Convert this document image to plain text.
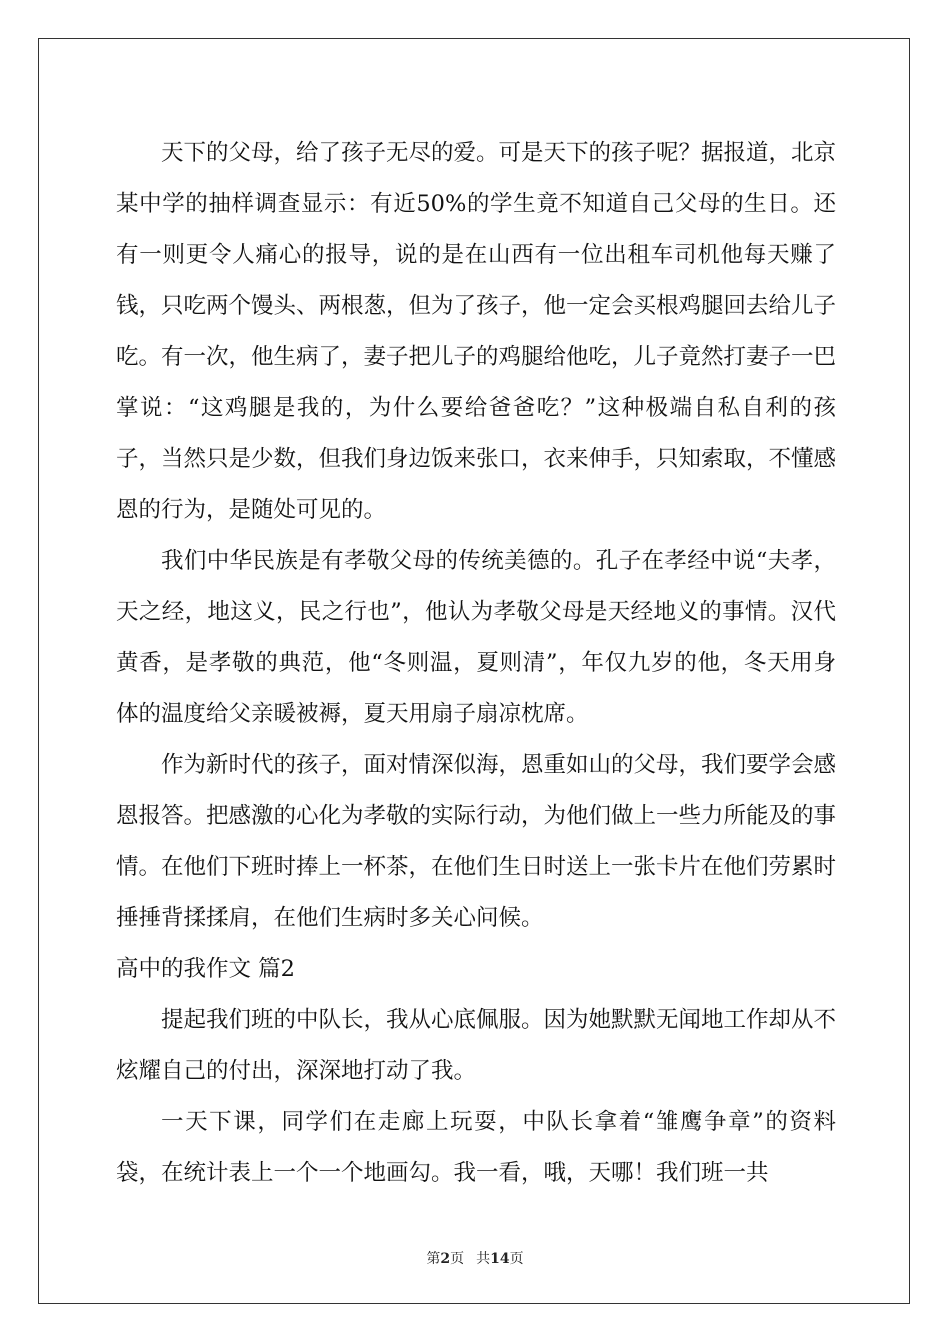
天下的父母，给了孩子无尽的爱。可是天下的孩子呢？据报道，北京某中学的抽样调查显示：有近50%的学生竟不知道自己父母的生日。还有一则更令人痛心的报导，说的是在山西有一位出租车司机他每天赚了钱，只吃两个馒头、两根葱，但为了孩子，他一定会买根鸡腿回去给儿子吃。有一次，他生病了，妻子把儿子的鸡腿给他吃，儿子竟然打妻子一巴掌说：“这鸡腿是我的，为什么要给爸爸吃？”这种极端自私自利的孩子，当然只是少数，但我们身边饭来张口，衣来伸手，只知索取，不懂感恩的行为，是随处可见的。

我们中华民族是有孝敬父母的传统美德的。孔子在孝经中说“夫孝，天之经，地这义，民之行也”，他认为孝敬父母是天经地义的事情。汉代黄香，是孝敬的典范，他“冬则温，夏则清”，年仅九岁的他，冬天用身体的温度给父亲暖被褥，夏天用扇子扇凉枕席。

作为新时代的孩子，面对情深似海，恩重如山的父母，我们要学会感恩报答。把感激的心化为孝敬的实际行动，为他们做上一些力所能及的事情。在他们下班时捧上一杯茶，在他们生日时送上一张卡片在他们劳累时捶捶背揉揉肩，在他们生病时多关心问候。

高中的我作文 篇2

提起我们班的中队长，我从心底佩服。因为她默默无闻地工作却从不炫耀自己的付出，深深地打动了我。

一天下课，同学们在走廊上玩耍，中队长拿着“雏鹰争章”的资料袋，在统计表上一个一个地画勾。我一看，哦，天哪！我们班一共

第2页 共14页
